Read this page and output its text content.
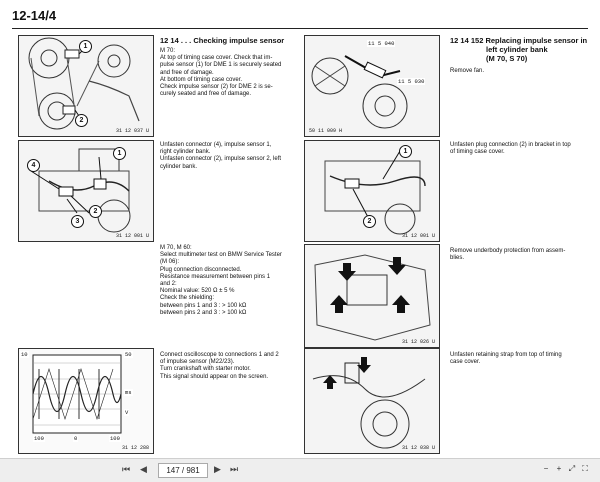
12-14/4
1
2
31 12 037 U
12 14 . . . Checking impulse sensor
M 70:
At top of timing case cover. Check that im-
pulse sensor (1) for DME 1 is securely seated
and free of damage.
At bottom of timing case cover.
Check impulse sensor (2) for DME 2 is se-
curely seated and free of damage.
1
4
2
3
31 12 001 U
Unfasten connector (4), impulse sensor 1,
right cylinder bank.
Unfasten connector (2), impulse sensor 2, left
cylinder bank.
M 70, M 60:
Select multimeter test on BMW Service Tester
(M 06):
Plug connection disconnected.
Resistance measurement between pins 1
and 2:
Nominal value: 520 Ω ± 5 %
Check the shielding:
between pins 1 and 3 : > 100 kΩ
between pins 2 and 3 : > 100 kΩ
10	50
ms
V
100	0	100
31 12 288
Connect oscilloscope to connections 1 and 2
of impulse sensor (M22/23).
Turn crankshaft with starter motor.
This signal should appear on the screen.
11 5 040
11 5 030
50 11 009 H
12 14 152 Replacing impulse sensor in
left cylinder bank
(M 70, S 70)
Remove fan.
1
2
31 12 001 U
Unfasten plug connection (2) in bracket in top
of timing case cover.
31 12 026 U
Remove underbody protection from assem-
blies.
31 12 038 U
Unfasten retaining strap from top of timing
case cover.
⏮ ◀	147 / 981	▶ ⏭	−	+ ⤢ ⛶
